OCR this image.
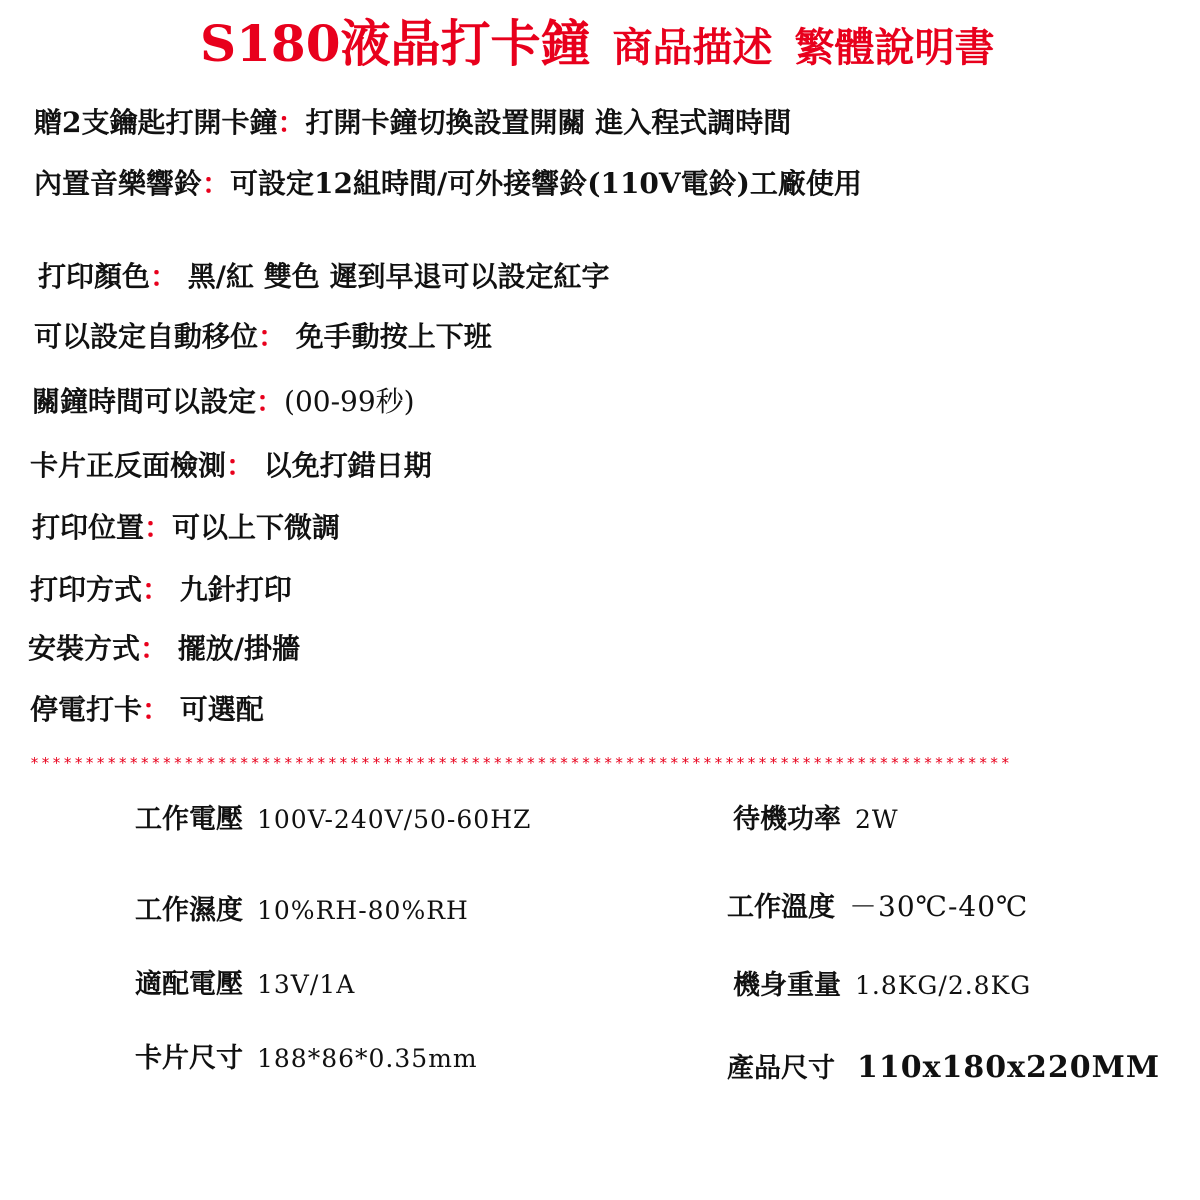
S180液晶打卡鐘 商品描述 繁體說明書
贈2支鑰匙打開卡鐘：打開卡鐘切換設置開關 進入程式調時間
內置音樂響鈴：可設定12組時間/可外接響鈴(110V電鈴)工廠使用
打印顏色： 黑/紅 雙色 遲到早退可以設定紅字
可以設定自動移位： 免手動按上下班
關鐘時間可以設定：(00-99秒)
卡片正反面檢測： 以免打錯日期
打印位置：可以上下微調
打印方式： 九針打印
安裝方式： 擺放/掛牆
停電打卡： 可選配
*****************************************************************************************
工作電壓 100V-240V/50-60HZ
工作濕度 10%RH-80%RH
適配電壓 13V/1A
卡片尺寸 188*86*0.35mm
待機功率 2W
工作溫度 －30℃-40℃
機身重量 1.8KG/2.8KG
產品尺寸 110x180x220MM
